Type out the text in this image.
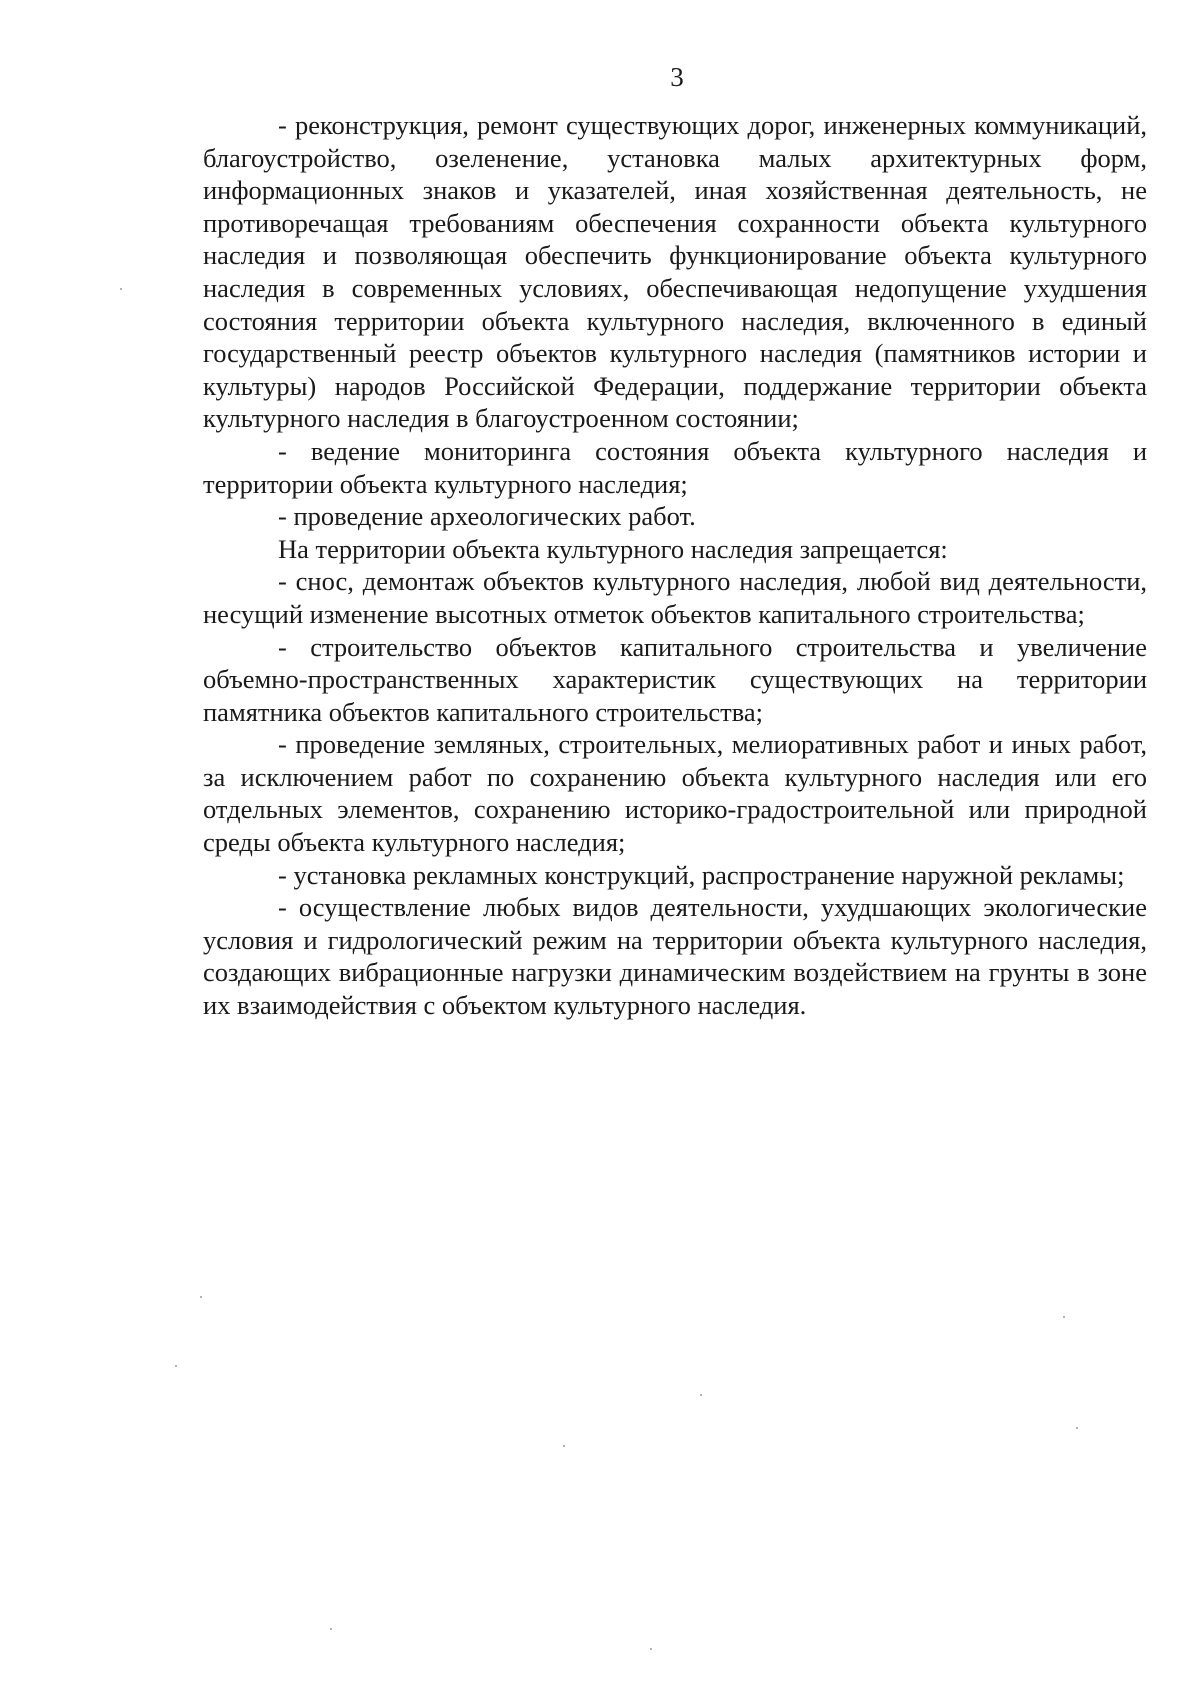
3

- реконструкция, ремонт существующих дорог, инженерных коммуникаций, благоустройство, озеленение, установка малых архитектурных форм, информационных знаков и указателей, иная хозяйственная деятельность, не противоречащая требованиям обеспечения сохранности объекта культурного наследия и позволяющая обеспечить функционирование объекта культурного наследия в современных условиях, обеспечивающая недопущение ухудшения состояния территории объекта культурного наследия, включенного в единый государственный реестр объектов культурного наследия (памятников истории и культуры) народов Российской Федерации, поддержание территории объекта культурного наследия в благоустроенном состоянии;

- ведение мониторинга состояния объекта культурного наследия и территории объекта культурного наследия;

- проведение археологических работ.

На территории объекта культурного наследия запрещается:

- снос, демонтаж объектов культурного наследия, любой вид деятельности, несущий изменение высотных отметок объектов капитального строительства;

- строительство объектов капитального строительства и увеличение объемно-пространственных характеристик существующих на территории памятника объектов капитального строительства;

- проведение земляных, строительных, мелиоративных работ и иных работ, за исключением работ по сохранению объекта культурного наследия или его отдельных элементов, сохранению историко-градостроительной или природной среды объекта культурного наследия;

- установка рекламных конструкций, распространение наружной рекламы;

- осуществление любых видов деятельности, ухудшающих экологические условия и гидрологический режим на территории объекта культурного наследия, создающих вибрационные нагрузки динамическим воздействием на грунты в зоне их взаимодействия с объектом культурного наследия.
